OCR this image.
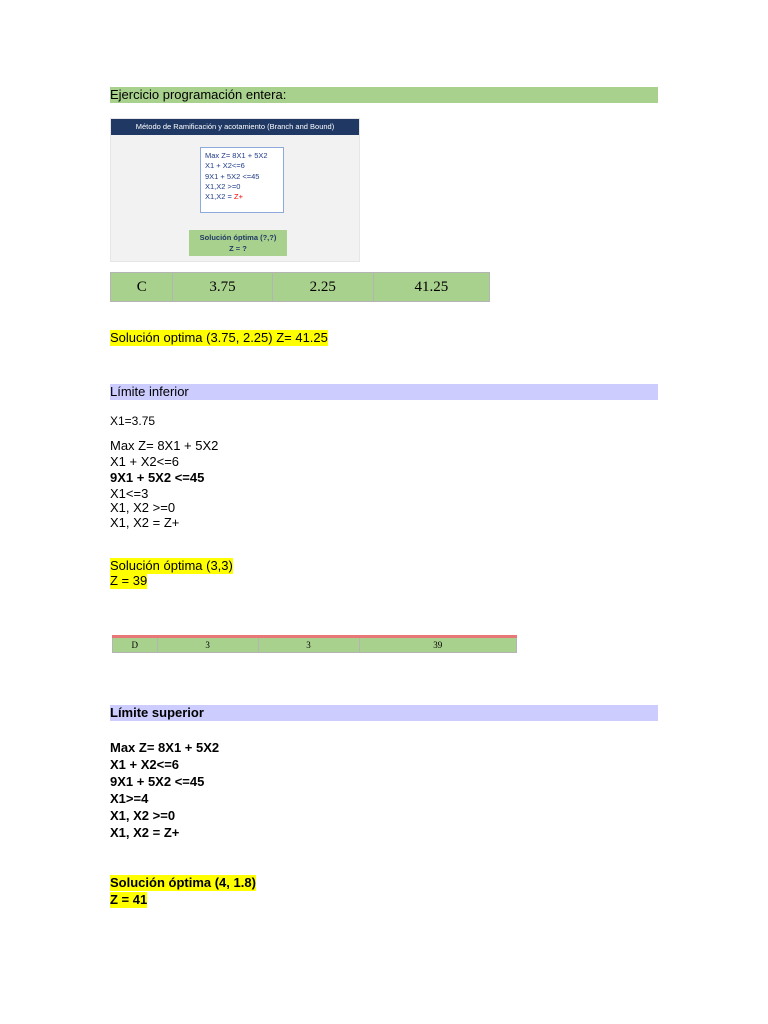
Ejercicio programación entera:
Método de Ramificación y acotamiento (Branch and Bound)
Max Z= 8X1 + 5X2
X1 + X2<=6
9X1 + 5X2 <=45
X1,X2 >=0
X1,X2 = Z+
Solución óptima (?,?)
Z = ?
C	3.75	2.25	41.25
Solución optima (3.75, 2.25) Z= 41.25
Límite inferior
X1=3.75
Max Z= 8X1 + 5X2
X1 + X2<=6
9X1 + 5X2 <=45
X1<=3
X1, X2 >=0
X1, X2 = Z+
Solución óptima (3,3)
Z = 39
D	3	3	39
Límite superior
Max Z= 8X1 + 5X2
X1 + X2<=6
9X1 + 5X2 <=45
X1>=4
X1, X2 >=0
X1, X2 = Z+
Solución óptima (4, 1.8)
Z = 41
